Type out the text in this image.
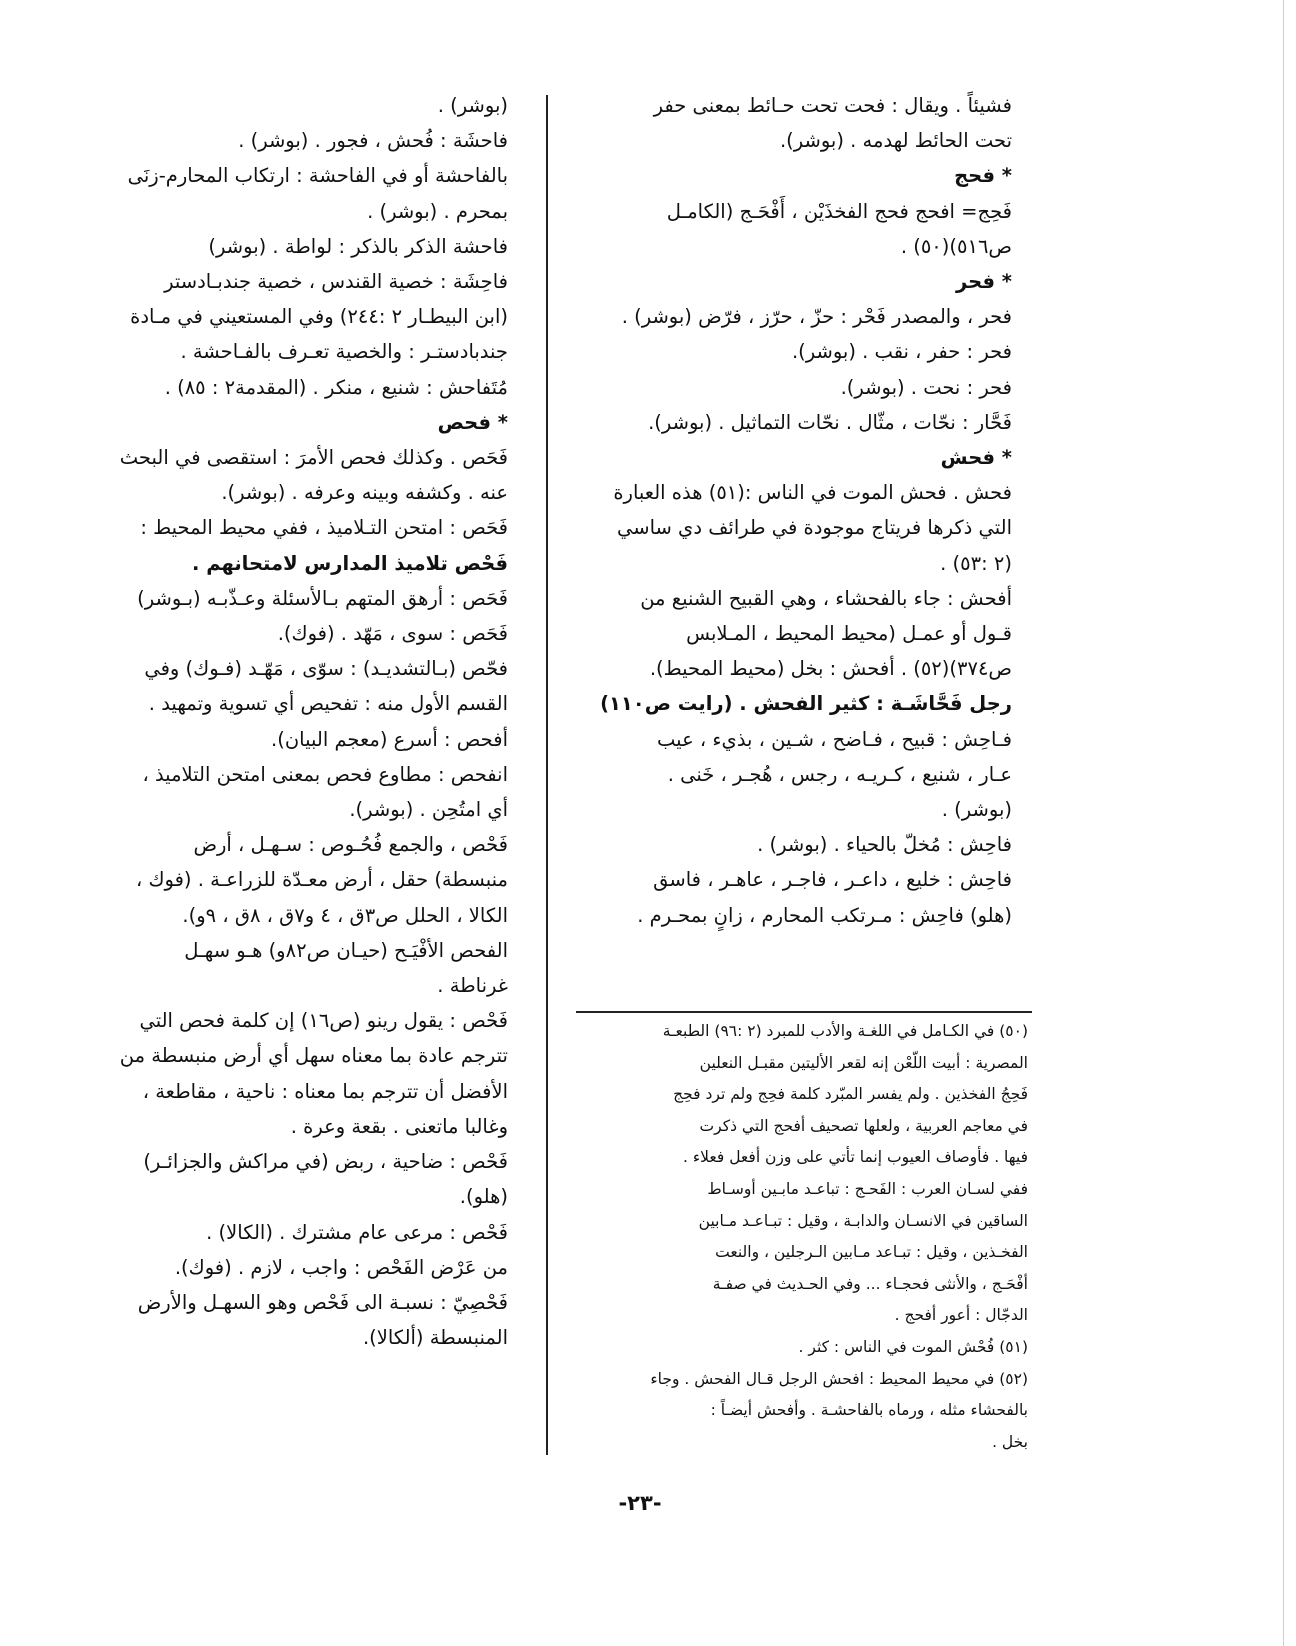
فشيئاً . ويقال : فحت تحت حـائط بمعنى حفر

تحت الحائط لهدمه . (بوشر).

* فحج

فَحِج= افحج فحج الفخذَيْن ، أَفْحَـج (الكامـل

ص٥١٦)(٥٠) .

* فحر

فحر ، والمصدر فَحْر : حزّ ، حرّز ، فرّض (بوشر) .

فحر : حفر ، نقب . (بوشر).

فحر : نحت . (بوشر).

فَحَّار : نحّات ، مثّال . نحّات التماثيل . (بوشر).

* فحش

فحش . فحش الموت في الناس :(٥١) هذه العبارة

التي ذكرها فريتاج موجودة في طرائف دي ساسي

(٢ :٥٣) .

أفحش : جاء بالفحشاء ، وهي القبيح الشنيع من

قـول أو عمـل (محيط المحيط ، المـلابس

ص٣٧٤)(٥٢) . أفحش : بخل (محيط المحيط).

رجل فَحَّاشَـة : كثير الفحش . (رايت ص١١٠)

فـاحِش : قبيح ، فـاضح ، شـين ، بذيء ، عيب

عـار ، شنيع ، كـريـه ، رجس ، هُجـر ، خَنى .

(بوشر) .

فاحِش : مُخلّ بالحياء . (بوشر) .

فاحِش : خليع ، داعـر ، فاجـر ، عاهـر ، فاسق

(هلو) فاحِش : مـرتكب المحارم ، زانٍ بمحـرم .

(٥٠) في الكـامل في اللغـة والأدب للمبرد (٢ :٩٦) الطبعـة

المصرية : أبيت اللّعْن إنه لقعر الأليتين مقبـل النعلين

فَحِجُ الفخذين . ولم يفسر المبّرد كلمة فحِج ولم ترد فحِج

في معاجم العربية ، ولعلها تصحيف أفحج التي ذكرت

فيها . فأوصاف العيوب إنما تأتي على وزن أفعل فعلاء .

ففي لسـان العرب : الفَحـج : تباعـد مابـين أوسـاط

الساقين في الانسـان والدابـة ، وقيل : تبـاعـد مـابين

الفخـذين ، وقيل : تبـاعد مـابين الـرجلين ، والنعت

أفْحَـج ، والأنثى فحجـاء ... وفي الحـديث في صفـة

الدجّال : أعور أفحج .

(٥١) فُحْش الموت في الناس : كثر .

(٥٢) في محيط المحيط : افحش الرجل قـال الفحش . وجاء

بالفحشاء مثله ، ورماه بالفاحشـة . وأفحش أيضـاً :

بخل .

(بوشر) .

فاحشَة : فُحش ، فجور . (بوشر) .

بالفاحشة أو في الفاحشة : ارتكاب المحارم-زنَى

بمحرم . (بوشر) .

فاحشة الذكر بالذكر : لواطة . (بوشر)

فاحِشَة : خصية القندس ، خصية جندبـادستر

(ابن البيطـار ٢ :٢٤٤) وفي المستعيني في مـادة

جندبادستـر : والخصية تعـرف بالفـاحشة .

مُتَفاحش : شنيع ، منكر . (المقدمة٢ : ٨٥) .

* فحص

فَحَص . وكذلك فحص الأمرَ : استقصى في البحث

عنه . وكشفه وبينه وعرفه . (بوشر).

فَحَص : امتحن التـلاميذ ، ففي محيط المحيط :

فَحْص تلاميذ المدارس لامتحانهم .

فَحَص : أرهق المتهم بـالأسئلة وعـذّبـه (بـوشر)

فَحَص : سوى ، مَهّد . (فوك).

فحّص (بـالتشديـد) : سوّى ، مَهّـد (فـوك) وفي

القسم الأول منه : تفحيص أي تسوية وتمهيد .

أفحص : أسرع (معجم البيان).

انفحص : مطاوع فحص بمعنى امتحن التلاميذ ،

أي امتُحِن . (بوشر).

فَحْص ، والجمع فُحُـوص : سـهـل ، أرض

منبسطة) حقل ، أرض معـدّة للزراعـة . (فوك ،

الكالا ، الحلل ص٣ق ، ٤ و٧ق ، ٨ق ، ٩و).

الفحص الأفْيَـح (حيـان ص٨٢و) هـو سهـل

غرناطة .

فَحْص : يقول رينو (ص١٦) إن كلمة فحص التي

تترجم عادة بما معناه سهل أي أرض منبسطة من

الأفضل أن تترجم بما معناه : ناحية ، مقاطعة ،

وغالبا ماتعنى . بقعة وعرة .

فَحْص : ضاحية ، ربض (في مراكش والجزائـر)

(هلو).

فَحْص : مرعى عام مشترك . (الكالا) .

من عَرْض الفَحْص : واجب ، لازم . (فوك).

فَحْصِيّ : نسبـة الى فَحْص وهو السهـل والأرض

المنبسطة (ألكالا).

-٢٣-
